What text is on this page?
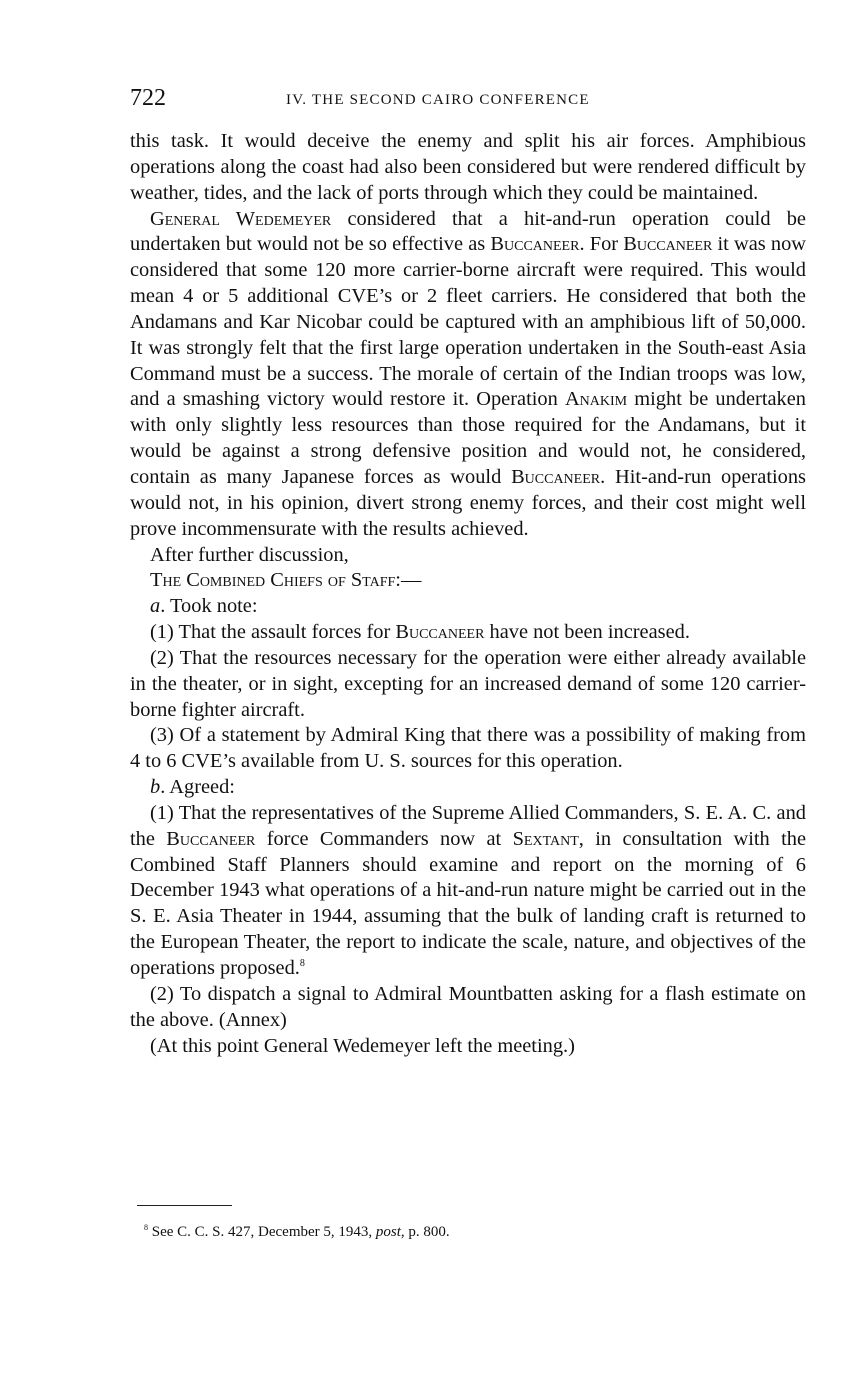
722	IV. THE SECOND CAIRO CONFERENCE

this task. It would deceive the enemy and split his air forces. Amphibious operations along the coast had also been considered but were rendered difficult by weather, tides, and the lack of ports through which they could be maintained.

General Wedemeyer considered that a hit-and-run operation could be undertaken but would not be so effective as Buccaneer. For Buccaneer it was now considered that some 120 more carrier-borne aircraft were required. This would mean 4 or 5 additional CVE’s or 2 fleet carriers. He considered that both the Andamans and Kar Nicobar could be captured with an amphibious lift of 50,000. It was strongly felt that the first large operation undertaken in the South-east Asia Command must be a success. The morale of certain of the Indian troops was low, and a smashing victory would restore it. Operation Anakim might be undertaken with only slightly less resources than those required for the Andamans, but it would be against a strong defensive position and would not, he considered, contain as many Japanese forces as would Buccaneer. Hit-and-run operations would not, in his opinion, divert strong enemy forces, and their cost might well prove incommensurate with the results achieved.

After further discussion,

The Combined Chiefs of Staff:—

a. Took note:

(1) That the assault forces for Buccaneer have not been increased.

(2) That the resources necessary for the operation were either already available in the theater, or in sight, excepting for an increased demand of some 120 carrier-borne fighter aircraft.

(3) Of a statement by Admiral King that there was a possibility of making from 4 to 6 CVE’s available from U. S. sources for this operation.

b. Agreed:

(1) That the representatives of the Supreme Allied Commanders, S. E. A. C. and the Buccaneer force Commanders now at Sextant, in consultation with the Combined Staff Planners should examine and report on the morning of 6 December 1943 what operations of a hit-and-run nature might be carried out in the S. E. Asia Theater in 1944, assuming that the bulk of landing craft is returned to the European Theater, the report to indicate the scale, nature, and objectives of the operations proposed.$^8$

(2) To dispatch a signal to Admiral Mountbatten asking for a flash estimate on the above. (Annex)

(At this point General Wedemeyer left the meeting.)

$^8$ See C. C. S. 427, December 5, 1943, post, p. 800.
